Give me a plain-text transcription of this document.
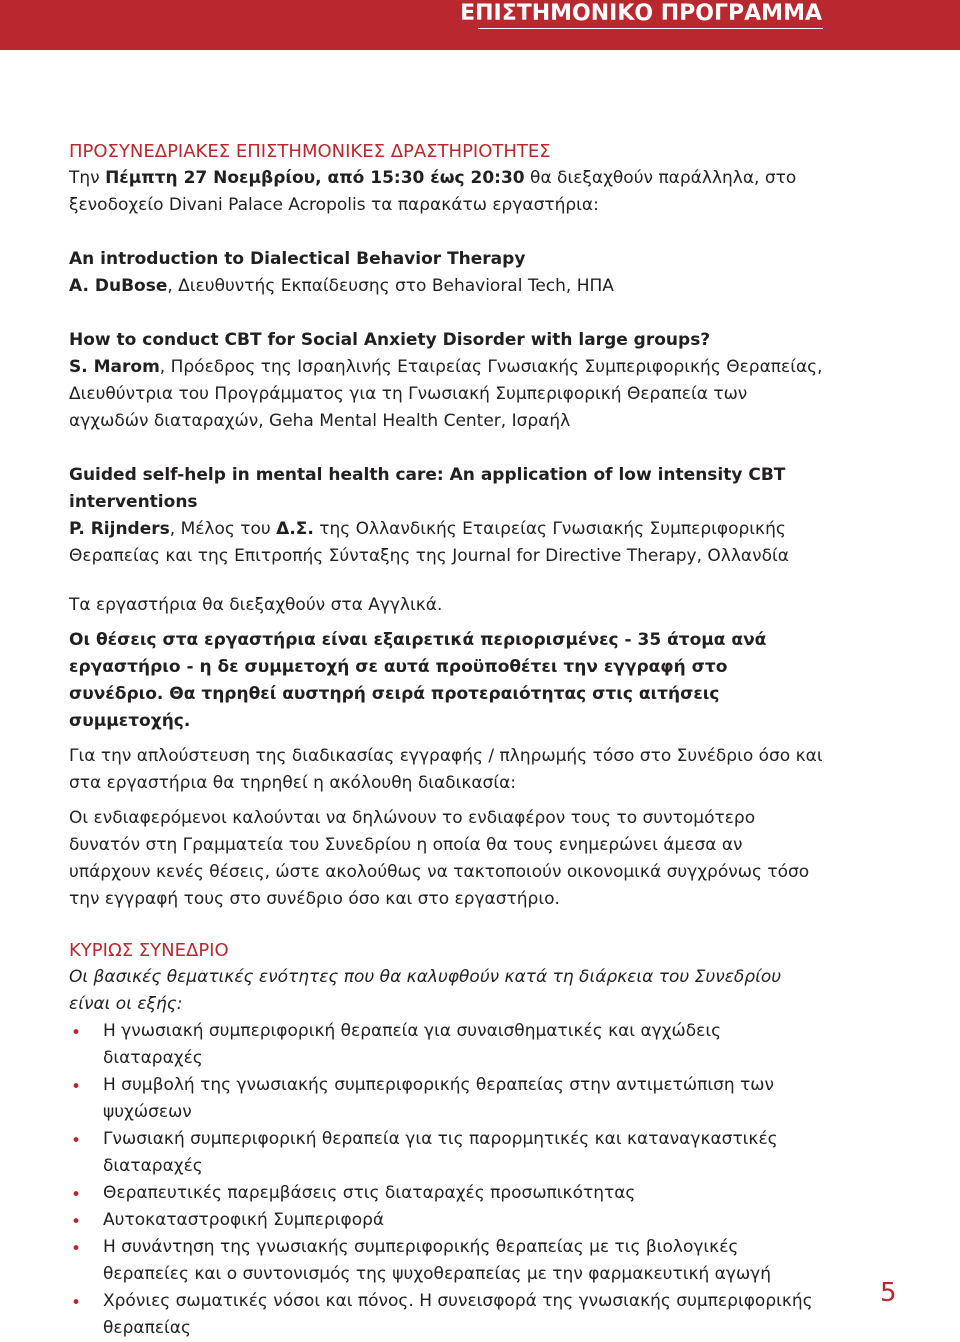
ΕΠΙΣΤΗΜΟΝΙΚΟ ΠΡΟΓΡΑΜΜΑ

ΠΡΟΣΥΝΕΔΡΙΑΚΕΣ ΕΠΙΣΤΗΜΟΝΙΚΕΣ ΔΡΑΣΤΗΡΙΟΤΗΤΕΣ

Την Πέμπτη 27 Νοεμβρίου, από 15:30 έως 20:30 θα διεξαχθούν παράλληλα, στο ξενοδοχείο Divani Palace Acropolis τα παρακάτω εργαστήρια:

An introduction to Dialectical Behavior Therapy

A. DuBose, Διευθυντής Εκπαίδευσης στο Behavioral Tech, ΗΠΑ

How to conduct CBT for Social Anxiety Disorder with large groups?

S. Marom, Πρόεδρος της Ισραηλινής Εταιρείας Γνωσιακής Συμπεριφορικής Θεραπείας, Διευθύντρια του Προγράμματος για τη Γνωσιακή Συμπεριφορική Θεραπεία των αγχωδών διαταραχών, Geha Mental Health Center, Ισραήλ

Guided self-help in mental health care: An application of low intensity CBT interventions

P. Rijnders, Μέλος του Δ.Σ. της Ολλανδικής Εταιρείας Γνωσιακής Συμπεριφορικής Θεραπείας και της Επιτροπής Σύνταξης της Journal for Directive Therapy, Ολλανδία

Τα εργαστήρια θα διεξαχθούν στα Αγγλικά.

Οι θέσεις στα εργαστήρια είναι εξαιρετικά περιορισμένες - 35 άτομα ανά εργαστήριο - η δε συμμετοχή σε αυτά προϋποθέτει την εγγραφή στο συνέδριο. Θα τηρηθεί αυστηρή σειρά προτεραιότητας στις αιτήσεις συμμετοχής.

Για την απλούστευση της διαδικασίας εγγραφής / πληρωμής τόσο στο Συνέδριο όσο και στα εργαστήρια θα τηρηθεί η ακόλουθη διαδικασία:

Οι ενδιαφερόμενοι καλούνται να δηλώνουν το ενδιαφέρον τους το συντομότερο δυνατόν στη Γραμματεία του Συνεδρίου η οποία θα τους ενημερώνει άμεσα αν υπάρχουν κενές θέσεις, ώστε ακολούθως να τακτοποιούν οικονομικά συγχρόνως τόσο την εγγραφή τους στο συνέδριο όσο και στο εργαστήριο.

ΚΥΡΙΩΣ ΣΥΝΕΔΡΙΟ

Οι βασικές θεματικές ενότητες που θα καλυφθούν κατά τη διάρκεια του Συνεδρίου είναι οι εξής:

• Η γνωσιακή συμπεριφορική θεραπεία για συναισθηματικές και αγχώδεις διαταραχές
• Η συμβολή της γνωσιακής συμπεριφορικής θεραπείας στην αντιμετώπιση των ψυχώσεων
• Γνωσιακή συμπεριφορική θεραπεία για τις παρορμητικές και καταναγκαστικές διαταραχές
• Θεραπευτικές παρεμβάσεις στις διαταραχές προσωπικότητας
• Αυτοκαταστροφική Συμπεριφορά
• Η συνάντηση της γνωσιακής συμπεριφορικής θεραπείας με τις βιολογικές θεραπείες και ο συντονισμός της ψυχοθεραπείας με την φαρμακευτική αγωγή
• Χρόνιες σωματικές νόσοι και πόνος. Η συνεισφορά της γνωσιακής συμπεριφορικής θεραπείας
5
